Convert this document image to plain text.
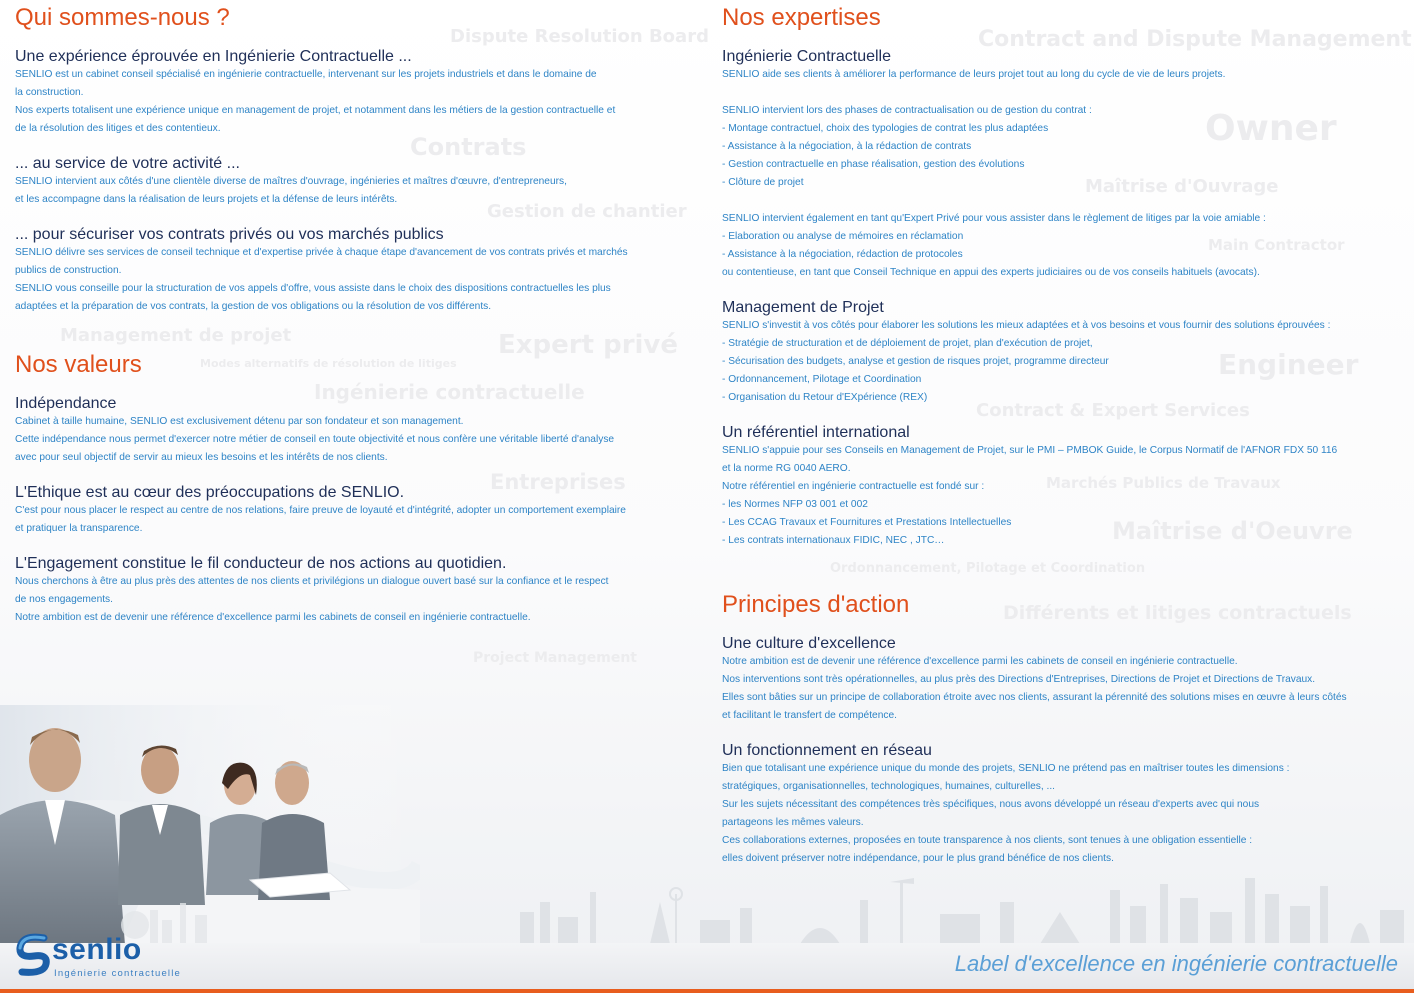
Dispute Resolution Board	Contract and Dispute Management
Owner
Contrats
Maîtrise d'Ouvrage
Gestion de chantier
Main Contractor
Management de projet	Expert privé
Modes alternatifs de résolution de litiges	Engineer
Ingénierie contractuelle
Contract & Expert Services
Entreprises	Marchés Publics de Travaux
Maîtrise d'Oeuvre
Ordonnancement, Pilotage et Coordination
Différents et litiges contractuels
Project Management
Qui sommes-nous ?
Une expérience éprouvée en Ingénierie Contractuelle ...

SENLIO est un cabinet conseil spécialisé en ingénierie contractuelle, intervenant sur les projets industriels et dans le domaine de

la construction.

Nos experts totalisent une expérience unique en management de projet, et notamment dans les métiers de la gestion contractuelle et

de la résolution des litiges et des contentieux.

... au service de votre activité ...

SENLIO intervient aux côtés d'une clientèle diverse de maîtres d'ouvrage, ingénieries et maîtres d'œuvre, d'entrepreneurs,

et les accompagne dans la réalisation de leurs projets et la défense de leurs intérêts.

... pour sécuriser vos contrats privés ou vos marchés publics

SENLIO délivre ses services de conseil technique et d'expertise privée à chaque étape d'avancement de vos contrats privés et marchés

publics de construction.

SENLIO vous conseille pour la structuration de vos appels d'offre, vous assiste dans le choix des dispositions contractuelles les plus

adaptées et la préparation de vos contrats, la gestion de vos obligations ou la résolution de vos différents.

Nos valeurs
Indépendance

Cabinet à taille humaine, SENLIO est exclusivement détenu par son fondateur et son management.

Cette indépendance nous permet d'exercer notre métier de conseil en toute objectivité et nous confère une véritable liberté d'analyse

avec pour seul objectif de servir au mieux les besoins et les intérêts de nos clients.

L'Ethique est au cœur des préoccupations de SENLIO.

C'est pour nous placer le respect au centre de nos relations, faire preuve de loyauté et d'intégrité, adopter un comportement exemplaire

et pratiquer la transparence.

L'Engagement constitue le fil conducteur de nos actions au quotidien.

Nous cherchons à être au plus près des attentes de nos clients et privilégions un dialogue ouvert basé sur la confiance et le respect

de nos engagements.

Notre ambition est de devenir une référence d'excellence parmi les cabinets de conseil en ingénierie contractuelle.

Nos expertises
Ingénierie Contractuelle

SENLIO aide ses clients à améliorer la performance de leurs projet tout au long du cycle de vie de leurs projets.

SENLIO intervient lors des phases de contractualisation ou de gestion du contrat :

- Montage contractuel, choix des typologies de contrat les plus adaptées

- Assistance à la négociation, à la rédaction de contrats

- Gestion contractuelle en phase réalisation, gestion des évolutions

- Clôture de projet

SENLIO intervient également en tant qu'Expert Privé pour vous assister dans le règlement de litiges par la voie amiable :

- Elaboration ou analyse de mémoires en réclamation

- Assistance à la négociation, rédaction de protocoles

ou contentieuse, en tant que Conseil Technique en appui des experts judiciaires ou de vos conseils habituels (avocats).

Management de Projet

SENLIO s'investit à vos côtés pour élaborer les solutions les mieux adaptées et à vos besoins et vous fournir des solutions éprouvées :

- Stratégie de structuration et de déploiement de projet, plan d'exécution de projet,

- Sécurisation des budgets, analyse et gestion de risques projet, programme directeur

- Ordonnancement, Pilotage et Coordination

- Organisation du Retour d'EXpérience (REX)

Un référentiel international

SENLIO s'appuie pour ses Conseils en Management de Projet, sur le PMI – PMBOK Guide, le Corpus Normatif de l'AFNOR FDX 50 116

et la norme RG 0040 AERO.

Notre référentiel en ingénierie contractuelle est fondé sur :

- les Normes NFP 03 001 et 002

- Les CCAG Travaux et Fournitures et Prestations Intellectuelles

- Les contrats internationaux FIDIC, NEC , JTC…

Principes d'action
Une culture d'excellence

Notre ambition est de devenir une référence d'excellence parmi les cabinets de conseil en ingénierie contractuelle.

Nos interventions sont très opérationnelles, au plus près des Directions d'Entreprises, Directions de Projet et Directions de Travaux.

Elles sont bâties sur un principe de collaboration étroite avec nos clients, assurant la pérennité des solutions mises en œuvre à leurs côtés

et facilitant le transfert de compétence.

Un fonctionnement en réseau

Bien que totalisant une expérience unique du monde des projets, SENLIO ne prétend pas en maîtriser toutes les dimensions :

stratégiques, organisationnelles, technologiques, humaines, culturelles, ...

Sur les sujets nécessitant des compétences très spécifiques, nous avons développé un réseau d'experts avec qui nous

partageons les mêmes valeurs.

Ces collaborations externes, proposées en toute transparence à nos clients, sont tenues à une obligation essentielle :

elles doivent préserver notre indépendance, pour le plus grand bénéfice de nos clients.

senlio
Ingénierie contractuelle	Label d'excellence en ingénierie contractuelle
